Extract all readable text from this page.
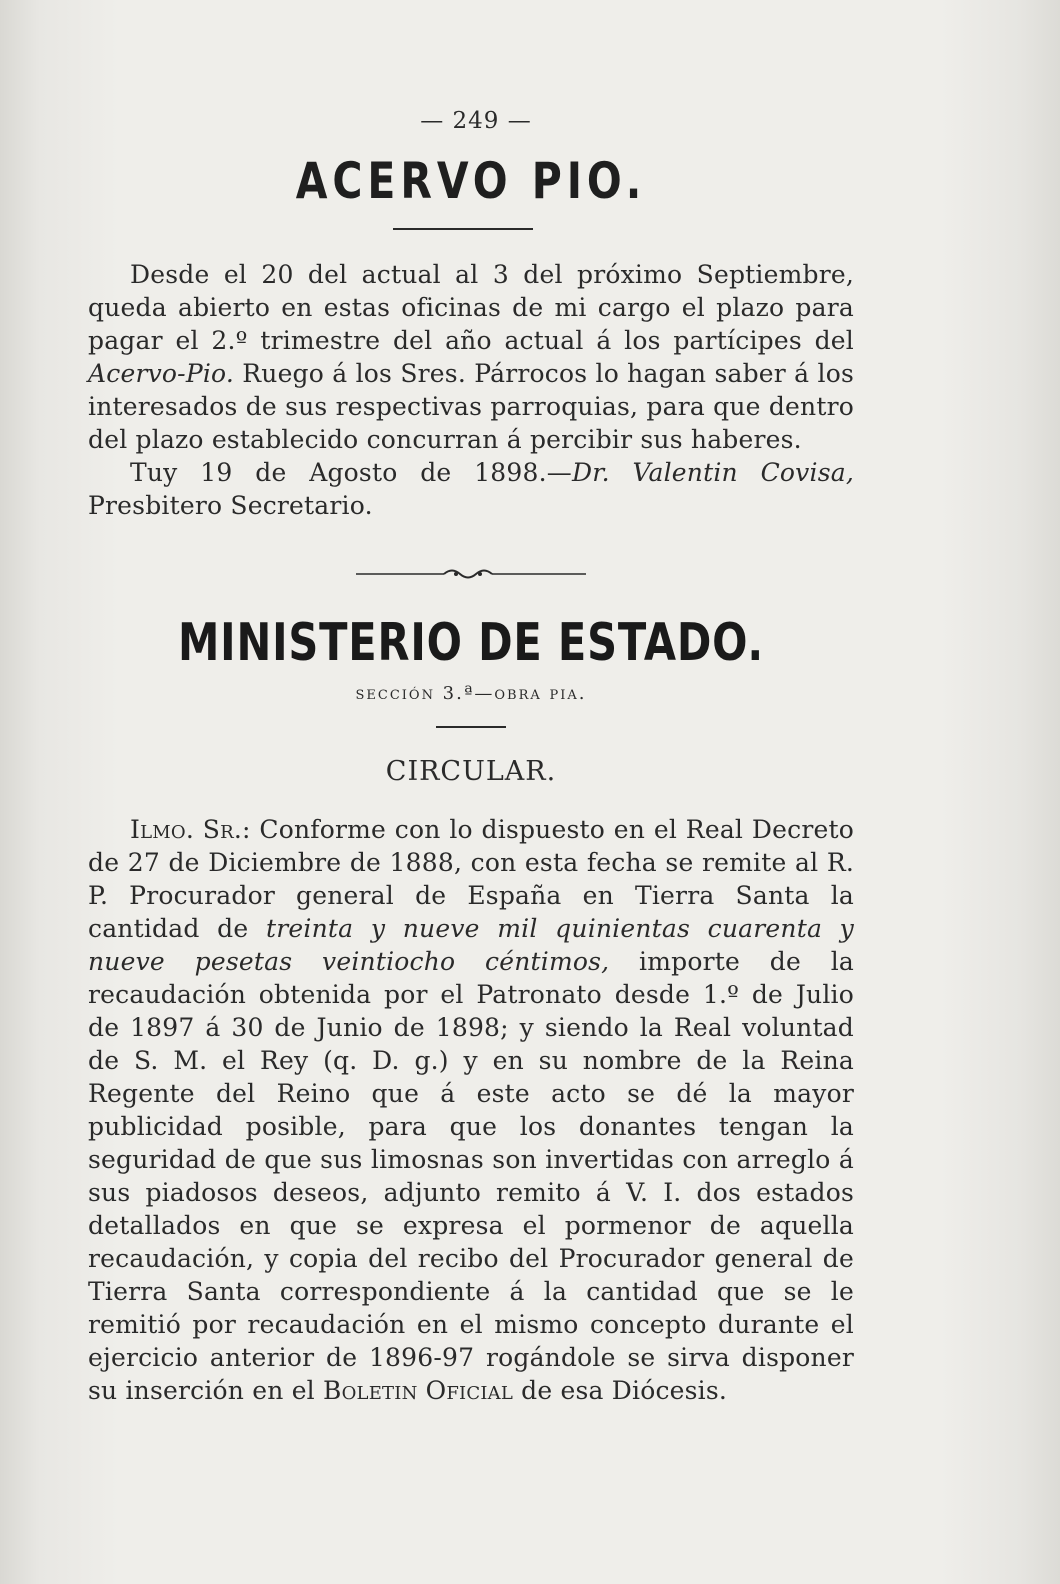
— 249 —
ACERVO PIO.

Desde el 20 del actual al 3 del próximo Septiembre, queda abierto en estas oficinas de mi cargo el plazo para pagar el 2.º trimestre del año actual á los partícipes del Acervo-Pio. Ruego á los Sres. Párrocos lo hagan saber á los interesados de sus respectivas parroquias, para que dentro del plazo establecido concurran á percibir sus haberes.

Tuy 19 de Agosto de 1898.—Dr. Valentin Covisa, Presbitero Secretario.

MINISTERIO DE ESTADO.
sección 3.ª—obra pia.
CIRCULAR.

Ilmo. Sr.: Conforme con lo dispuesto en el Real Decreto de 27 de Diciembre de 1888, con esta fecha se remite al R. P. Procurador general de España en Tierra Santa la cantidad de treinta y nueve mil quinientas cuarenta y nueve pesetas veintiocho céntimos, importe de la recaudación obtenida por el Patronato desde 1.º de Julio de 1897 á 30 de Junio de 1898; y siendo la Real voluntad de S. M. el Rey (q. D. g.) y en su nombre de la Reina Regente del Reino que á este acto se dé la mayor publicidad posible, para que los donantes tengan la seguridad de que sus limosnas son invertidas con arreglo á sus piadosos deseos, adjunto remito á V. I. dos estados detallados en que se expresa el pormenor de aquella recaudación, y copia del recibo del Procurador general de Tierra Santa correspondiente á la cantidad que se le remitió por recaudación en el mismo concepto durante el ejercicio anterior de 1896-97 rogándole se sirva disponer su inserción en el Boletin Oficial de esa Diócesis.
